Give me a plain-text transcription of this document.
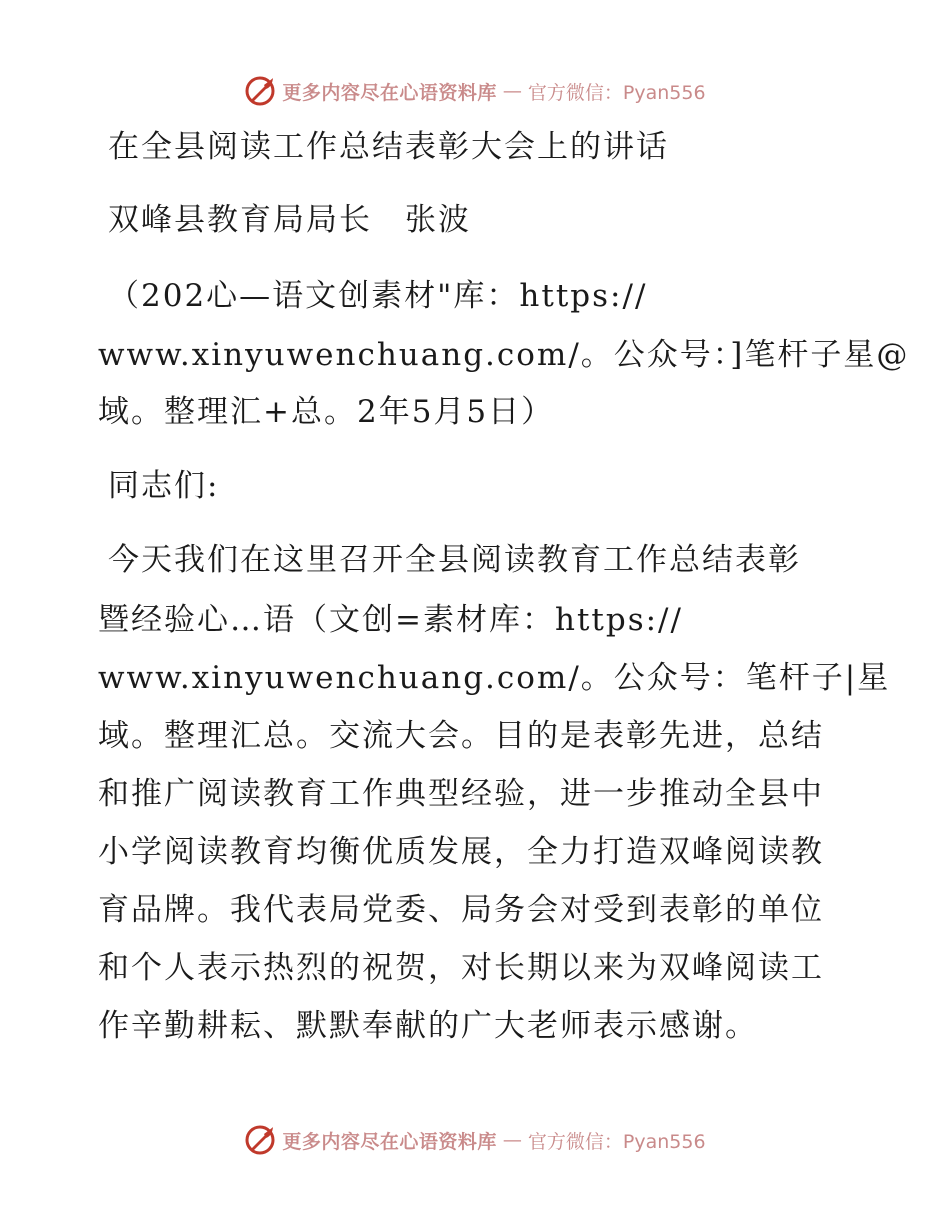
更多内容尽在心语资料库 — 官方微信：Pyan556
在全县阅读工作总结表彰大会上的讲话
双峰县教育局局长　张波
（202心—语文创素材"库：https://
www.xinyuwenchuang.com/。公众号：]笔杆子星@
域。整理汇+总。2年5月5日）
同志们:
今天我们在这里召开全县阅读教育工作总结表彰
暨经验心…语（文创=素材库：https://
www.xinyuwenchuang.com/。公众号：笔杆子|星
域。整理汇总。交流大会。目的是表彰先进，总结
和推广阅读教育工作典型经验，进一步推动全县中
小学阅读教育均衡优质发展，全力打造双峰阅读教
育品牌。我代表局党委、局务会对受到表彰的单位
和个人表示热烈的祝贺，对长期以来为双峰阅读工
作辛勤耕耘、默默奉献的广大老师表示感谢。
更多内容尽在心语资料库 — 官方微信：Pyan556
